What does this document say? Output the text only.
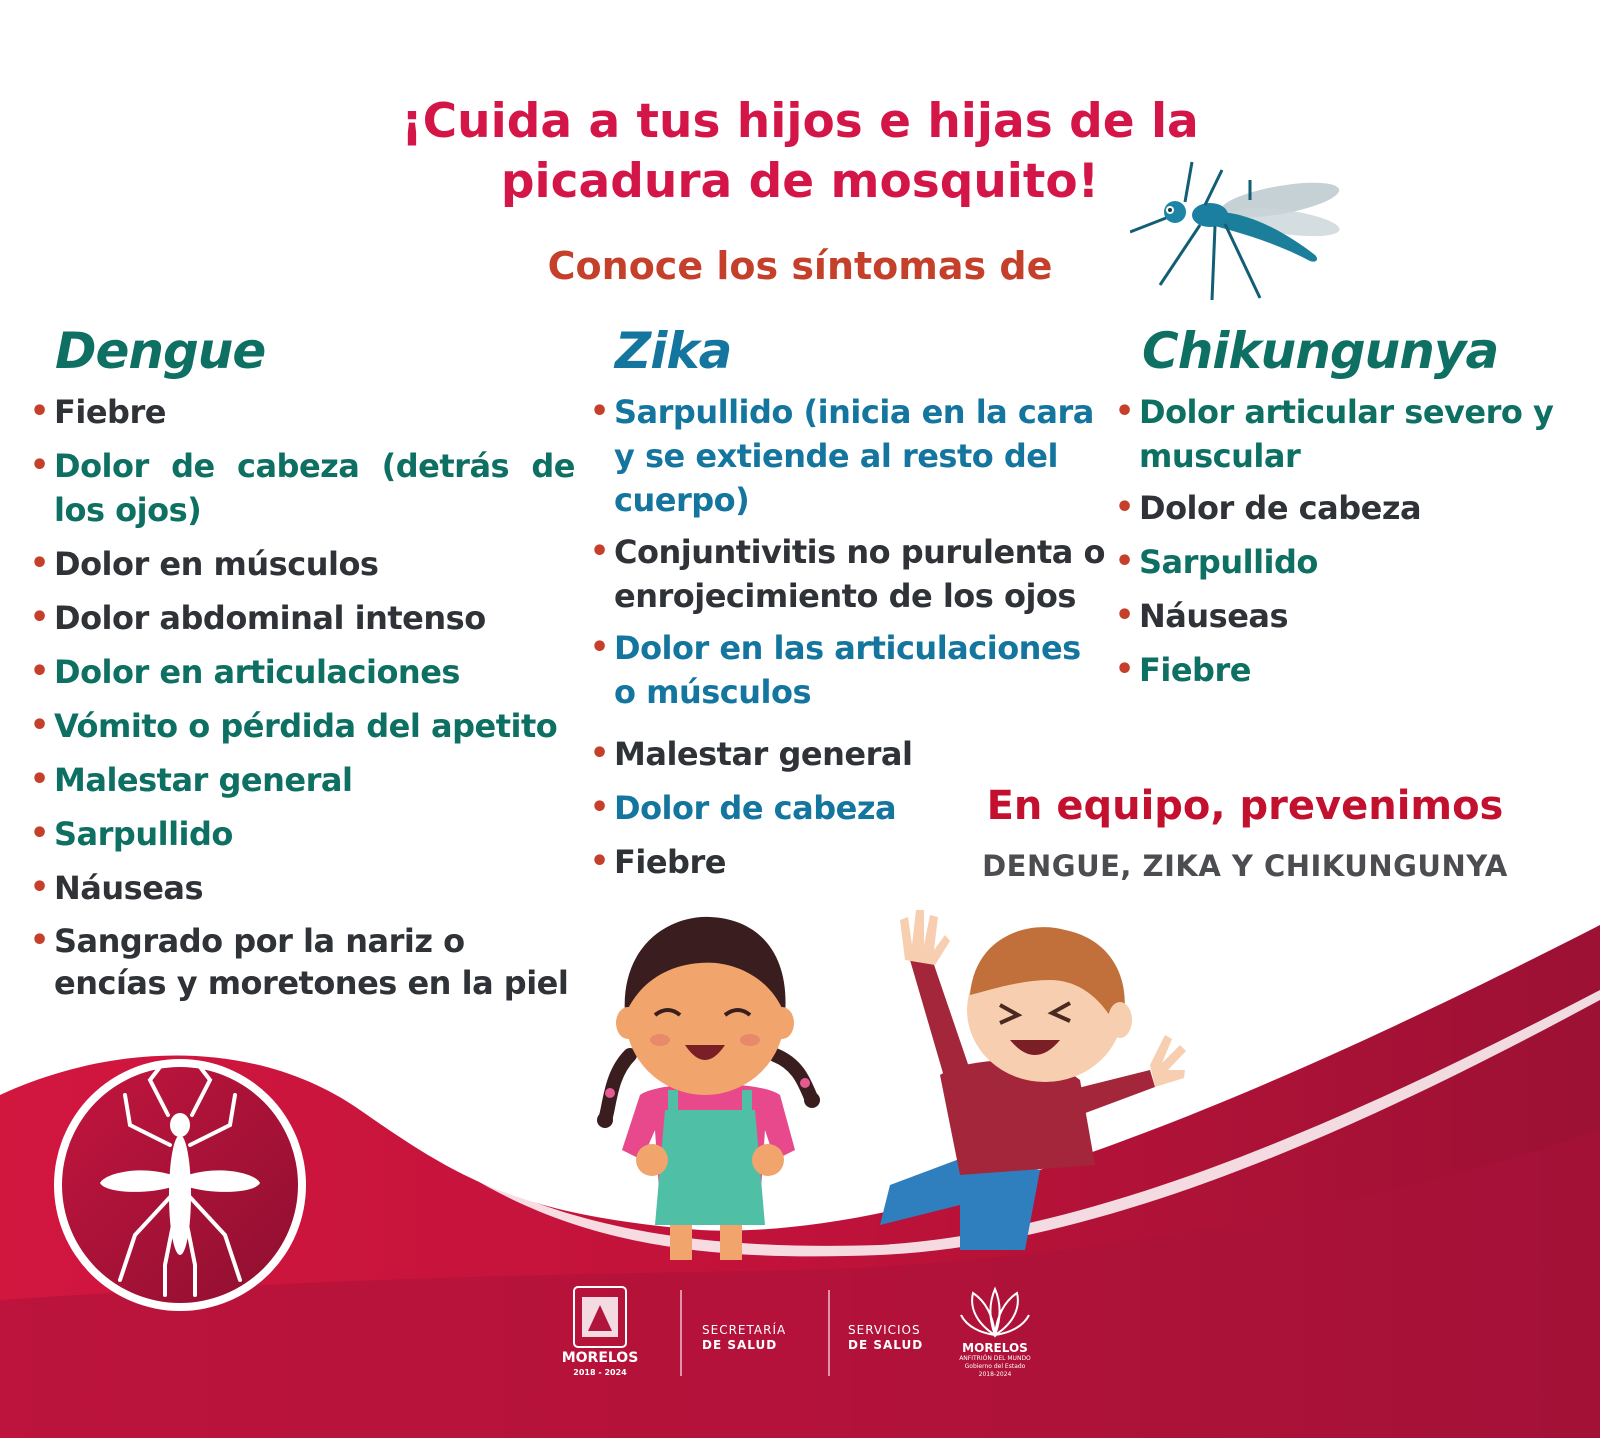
¡Cuida a tus hijos e hijas de la
picadura de mosquito!
Conoce los síntomas de
Dengue
• Fiebre
• Dolor de cabeza (detrás de los ojos)
• Dolor en músculos
• Dolor abdominal intenso
• Dolor en articulaciones
• Vómito o pérdida del apetito
• Malestar general
• Sarpullido
• Náuseas
• Sangrado por la nariz o encías y moretones en la piel
Zika
• Sarpullido (inicia en la cara y se extiende al resto del cuerpo)
• Conjuntivitis no purulenta o enrojecimiento de los ojos
• Dolor en las articulaciones o músculos
• Malestar general
• Dolor de cabeza
• Fiebre
Chikungunya
• Dolor articular severo y muscular
• Dolor de cabeza
• Sarpullido
• Náuseas
• Fiebre
En equipo, prevenimos
DENGUE, ZIKA Y CHIKUNGUNYA
MORELOS
2018 - 2024
SECRETARÍA
DE SALUD
SERVICIOS
DE SALUD	MORELOS
ANFITRIÓN DEL MUNDO
Gobierno del Estado
2018-2024
